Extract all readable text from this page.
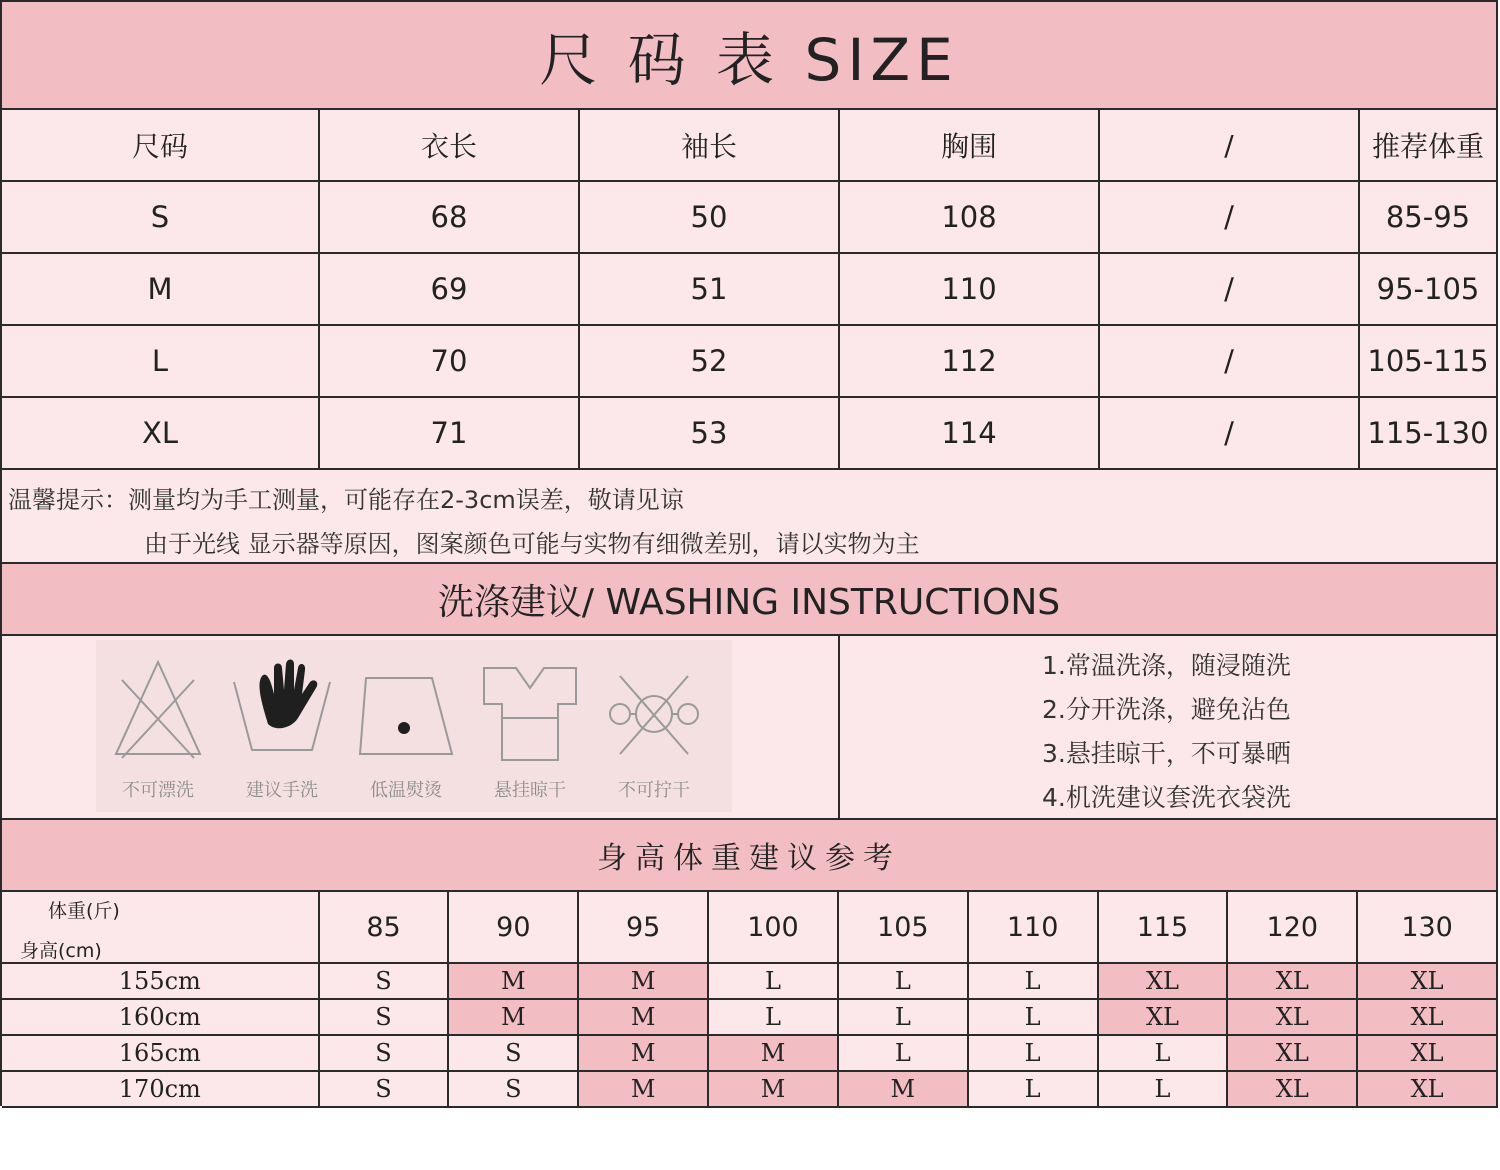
尺 码 表 SIZE
尺码	衣长	袖长	胸围	/	推荐体重
S	68	50	108	/	85-95
M	69	51	110	/	95-105
L	70	52	112	/	105-115
XL	71	53	114	/	115-130
温馨提示：测量均为手工测量，可能存在2-3cm误差，敬请见谅
由于光线 显示器等原因，图案颜色可能与实物有细微差别，请以实物为主
洗涤建议/ WASHING INSTRUCTIONS
不可漂洗	建议手洗	低温熨烫	悬挂晾干	不可拧干
1.常温洗涤，随浸随洗
2.分开洗涤，避免沾色
3.悬挂晾干，不可暴晒
4.机洗建议套洗衣袋洗
身高体重建议参考
体重(斤)
身高(cm)
85	90	95	100	105	110	115	120	130
155cm	S	M	M	L	L	L	XL	XL	XL
160cm	S	M	M	L	L	L	XL	XL	XL
165cm	S	S	M	M	L	L	L	XL	XL
170cm	S	S	M	M	M	L	L	XL	XL
